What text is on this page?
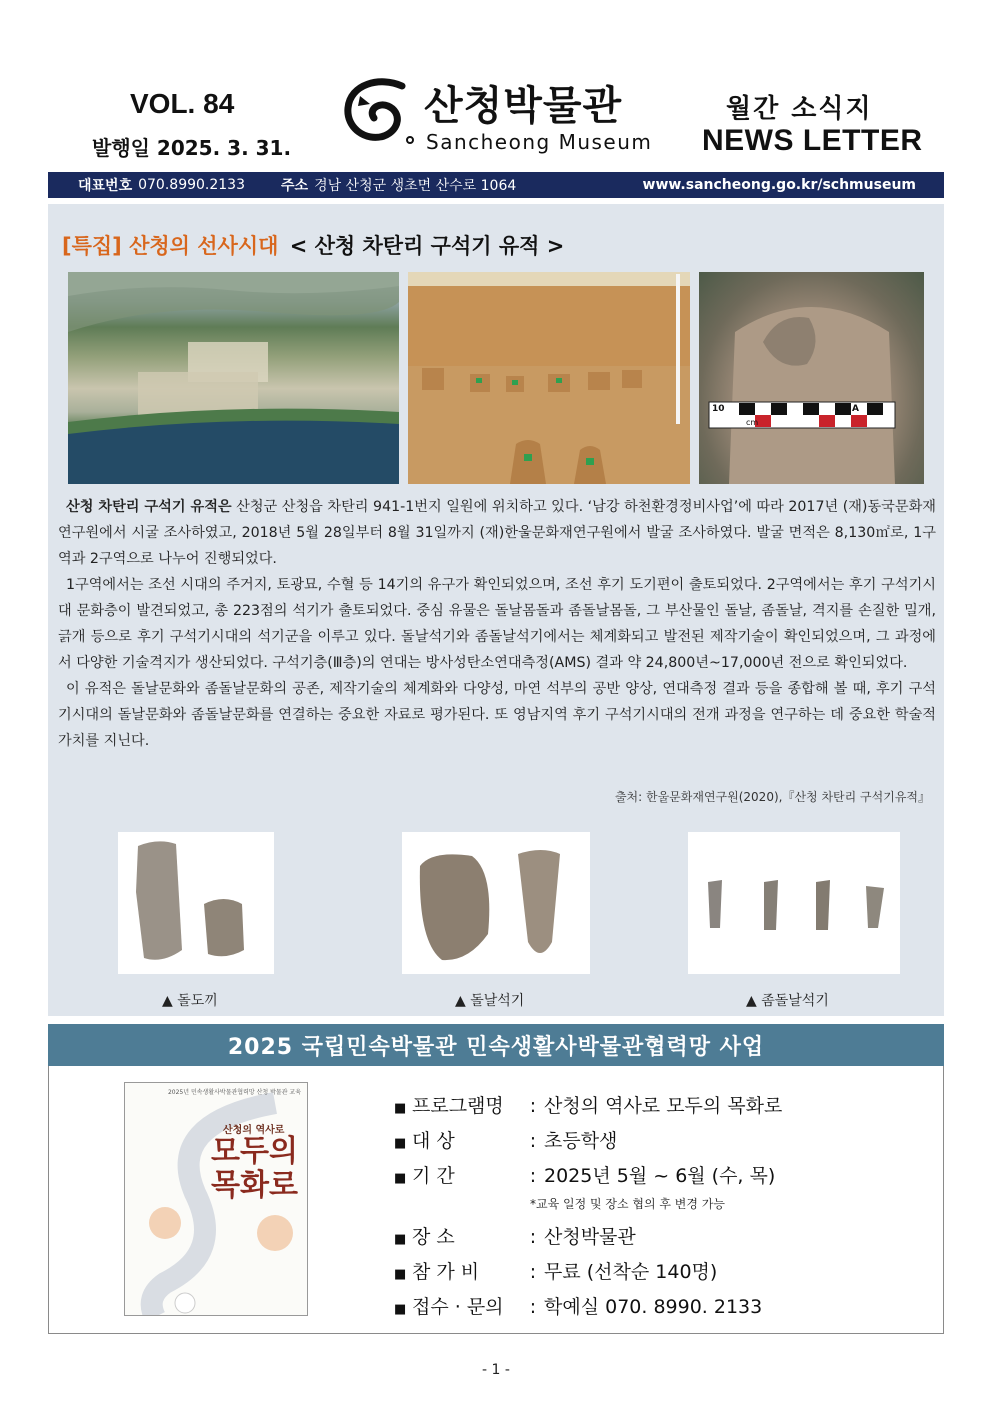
VOL. 84
발행일 2025. 3. 31.
산청박물관
Sancheong Museum
월간 소식지
NEWS LETTER
대표번호 070.8990.2133	주소 경남 산청군 생초면 산수로 1064	www.sancheong.go.kr/schmuseum
[특집] 산청의 선사시대 < 산청 차탄리 구석기 유적 >
10
cm
A

산청 차탄리 구석기 유적은 산청군 산청읍 차탄리 941-1번지 일원에 위치하고 있다. ‘남강 하천환경정비사업’에 따라 2017년 (재)동국문화재연구원에서 시굴 조사하였고, 2018년 5월 28일부터 8월 31일까지 (재)한울문화재연구원에서 발굴 조사하였다. 발굴 면적은 8,130㎡로, 1구역과 2구역으로 나누어 진행되었다.

1구역에서는 조선 시대의 주거지, 토광묘, 수혈 등 14기의 유구가 확인되었으며, 조선 후기 도기편이 출토되었다. 2구역에서는 후기 구석기시대 문화층이 발견되었고, 총 223점의 석기가 출토되었다. 중심 유물은 돌날몸돌과 좀돌날몸돌, 그 부산물인 돌날, 좀돌날, 격지를 손질한 밀개, 긁개 등으로 후기 구석기시대의 석기군을 이루고 있다. 돌날석기와 좀돌날석기에서는 체계화되고 발전된 제작기술이 확인되었으며, 그 과정에서 다양한 기술격지가 생산되었다. 구석기층(Ⅲ층)의 연대는 방사성탄소연대측정(AMS) 결과 약 24,800년~17,000년 전으로 확인되었다.

이 유적은 돌날문화와 좀돌날문화의 공존, 제작기술의 체계화와 다양성, 마연 석부의 공반 양상, 연대측정 결과 등을 종합해 볼 때, 후기 구석기시대의 돌날문화와 좀돌날문화를 연결하는 중요한 자료로 평가된다. 또 영남지역 후기 구석기시대의 전개 과정을 연구하는 데 중요한 학술적 가치를 지닌다.

출처: 한울문화재연구원(2020),『산청 차탄리 구석기유적』
▲ 돌도끼	▲ 돌날석기	▲ 좀돌날석기
2025 국립민속박물관 민속생활사박물관협력망 사업
2025년 민속생활사박물관협력망 산청 박물관 교육
산청의 역사로
모두의
목화로
■ 프로그램명	: 산청의 역사로 모두의 목화로
■ 대 상	: 초등학생
■ 기 간	: 2025년 5월 ~ 6월 (수, 목)
*교육 일정 및 장소 협의 후 변경 가능
■ 장 소	: 산청박물관
■ 참 가 비	: 무료 (선착순 140명)
■ 접수 · 문의	: 학예실 070. 8990. 2133
- 1 -
